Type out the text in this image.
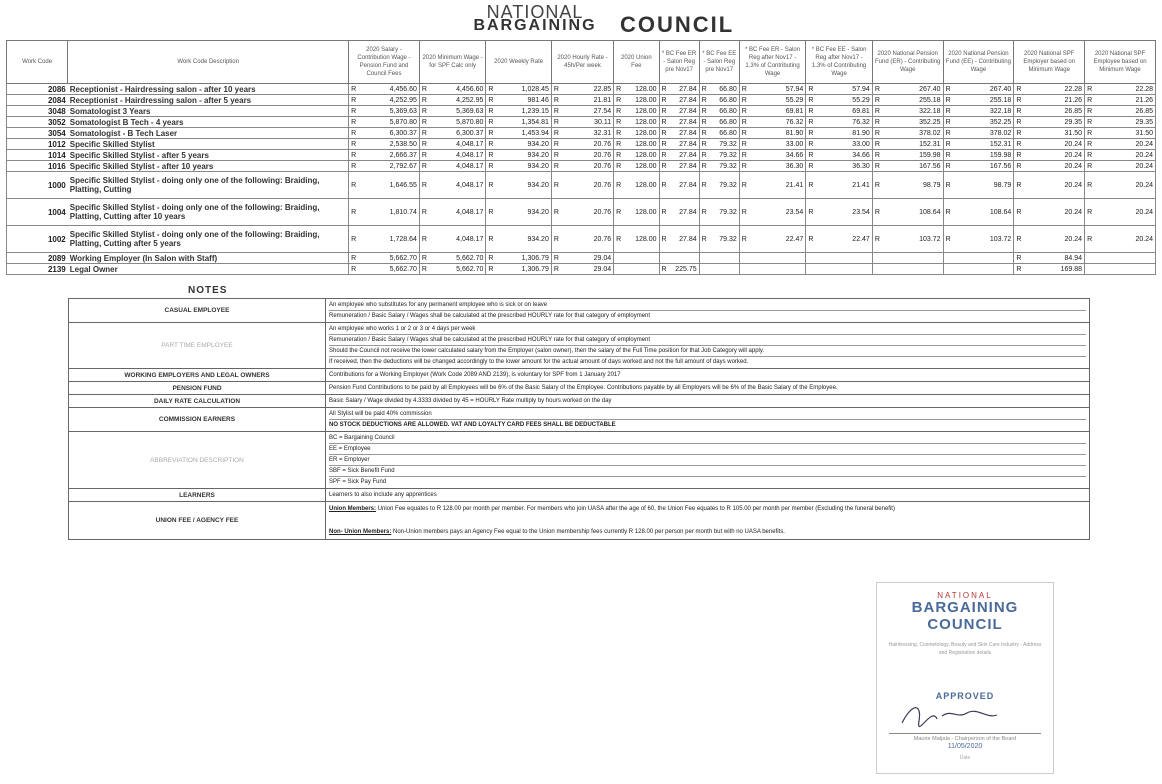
NATIONAL
BARGAINING	COUNCIL
Work Code	Work Code Description	2020 Salary - Contribution Wage - Pension Fund and Council Fees		2020 Minimum Wage - for SPF Calc only		2020 Weekly Rate		2020 Hourly Rate - 45h/Per week		2020 Union Fee		* BC Fee ER - Salon Reg pre Nov17		* BC Fee EE - Salon Reg pre Nov17		* BC Fee ER - Salon Reg after Nov17 - 1.3% of Contributing Wage		* BC Fee EE - Salon Reg after Nov17 - 1.3% of Contributing Wage		2020 National Pension Fund (ER) - Contributing Wage		2020 National Pension Fund (EE) - Contributing Wage		2020 National SPF Employer based on Minimum Wage		2020 National SPF Employee based on Minimum Wage	
2086	Receptionist - Hairdressing salon - after 10 years	R	4,456.60	R	4,456.60	R	1,028.45	R	22.85	R	128.00	R	27.84	R	66.80	R	57.94	R	57.94	R	267.40	R	267.40	R	22.28	R	22.28
2084	Receptionist - Hairdressing salon - after 5 years	R	4,252.95	R	4,252.95	R	981.46	R	21.81	R	128.00	R	27.84	R	66.80	R	55.29	R	55.29	R	255.18	R	255.18	R	21.26	R	21.26
3048	Somatologist 3 Years	R	5,369.63	R	5,369.63	R	1,239.15	R	27.54	R	128.00	R	27.84	R	66.80	R	69.81	R	69.81	R	322.18	R	322.18	R	26.85	R	26.85
3052	Somatologist B Tech - 4 years	R	5,870.80	R	5,870.80	R	1,354.81	R	30.11	R	128.00	R	27.84	R	66.80	R	76.32	R	76.32	R	352.25	R	352.25	R	29.35	R	29.35
3054	Somatologist - B Tech Laser	R	6,300.37	R	6,300.37	R	1,453.94	R	32.31	R	128.00	R	27.84	R	66.80	R	81.90	R	81.90	R	378.02	R	378.02	R	31.50	R	31.50
1012	Specific Skilled Stylist	R	2,538.50	R	4,048.17	R	934.20	R	20.76	R	128.00	R	27.84	R	79.32	R	33.00	R	33.00	R	152.31	R	152.31	R	20.24	R	20.24
1014	Specific Skilled Stylist - after 5 years	R	2,666.37	R	4,048.17	R	934.20	R	20.76	R	128.00	R	27.84	R	79.32	R	34.66	R	34.66	R	159.98	R	159.98	R	20.24	R	20.24
1016	Specific Skilled Stylist - after 10 years	R	2,792.67	R	4,048.17	R	934.20	R	20.76	R	128.00	R	27.84	R	79.32	R	36.30	R	36.30	R	167.56	R	167.56	R	20.24	R	20.24
1000	Specific Skilled Stylist - doing only one of the following: Braiding, Platting, Cutting	R	1,646.55	R	4,048.17	R	934.20	R	20.76	R	128.00	R	27.84	R	79.32	R	21.41	R	21.41	R	98.79	R	98.79	R	20.24	R	20.24
1004	Specific Skilled Stylist - doing only one of the following: Braiding, Platting, Cutting after 10 years	R	1,810.74	R	4,048.17	R	934.20	R	20.76	R	128.00	R	27.84	R	79.32	R	23.54	R	23.54	R	108.64	R	108.64	R	20.24	R	20.24
1002	Specific Skilled Stylist - doing only one of the following: Braiding, Platting, Cutting after 5 years	R	1,728.64	R	4,048.17	R	934.20	R	20.76	R	128.00	R	27.84	R	79.32	R	22.47	R	22.47	R	103.72	R	103.72	R	20.24	R	20.24
2089	Working Employer (In Salon with Staff)	R	5,662.70	R	5,662.70	R	1,306.79	R	29.04															R	84.94		
2139	Legal Owner	R	5,662.70	R	5,662.70	R	1,306.79	R	29.04			R	225.75											R	169.88		
NOTES
CASUAL EMPLOYEE	An employee who substitutes for any permanent employee who is sick or on leave
Remuneration / Basic Salary / Wages shall be calculated at the prescribed HOURLY rate for that category of employment

PART TIME EMPLOYEE	An employee who works 1 or 2 or 3 or 4 days per week
Remuneration / Basic Salary / Wages shall be calculated at the prescribed HOURLY rate for that category of employment
Should the Council not receive the lower calculated salary from the Employer (salon owner), then the salary of the Full Time position for that Job Category will apply.
If received, then the deductions will be changed accordingly to the lower amount for the actual amount of days worked and not the full amount of days worked.

WORKING EMPLOYERS AND LEGAL OWNERS	Contributions for a Working Employer (Work Code 2089 AND 2139), is voluntary for SPF from 1 January 2017

PENSION FUND	Pension Fund Contributions to be paid by all Employees will be 6% of the Basic Salary of the Employee. Contributions payable by all Employers will be 6% of the Basic Salary of the Employee.

DAILY RATE CALCULATION	Basic Salary / Wage divided by 4.3333 divided by 45 = HOURLY Rate multiply by hours worked on the day

COMMISSION EARNERS	All Stylist will be paid 40% commission
NO STOCK DEDUCTIONS ARE ALLOWED. VAT AND LOYALTY CARD FEES SHALL BE DEDUCTABLE

ABBREVIATION DESCRIPTION	BC = Bargaining Council
EE = Employee
ER = Employer
SBF = Sick Benefit Fund
SPF = Sick Pay Fund

LEARNERS	Learners to also include any apprentices

UNION FEE / AGENCY FEE	Union Members: Union Fee equates to R 128.00 per month per member. For members who join UASA after the age of 60, the Union Fee equates to R 105.00 per month per member (Excluding the funeral benefit)
Non- Union Members: Non-Union members pays an Agency Fee equal to the Union membership fees currently R 128.00 per person per month but with no UASA benefits.
NATIONAL
BARGAINING COUNCIL
Hairdressing, Cosmetology, Beauty and Skin Care Industry - Address and Registration details
APPROVED
Maurie Matjala - Chairperson of the Board
11/05/2020
Date
